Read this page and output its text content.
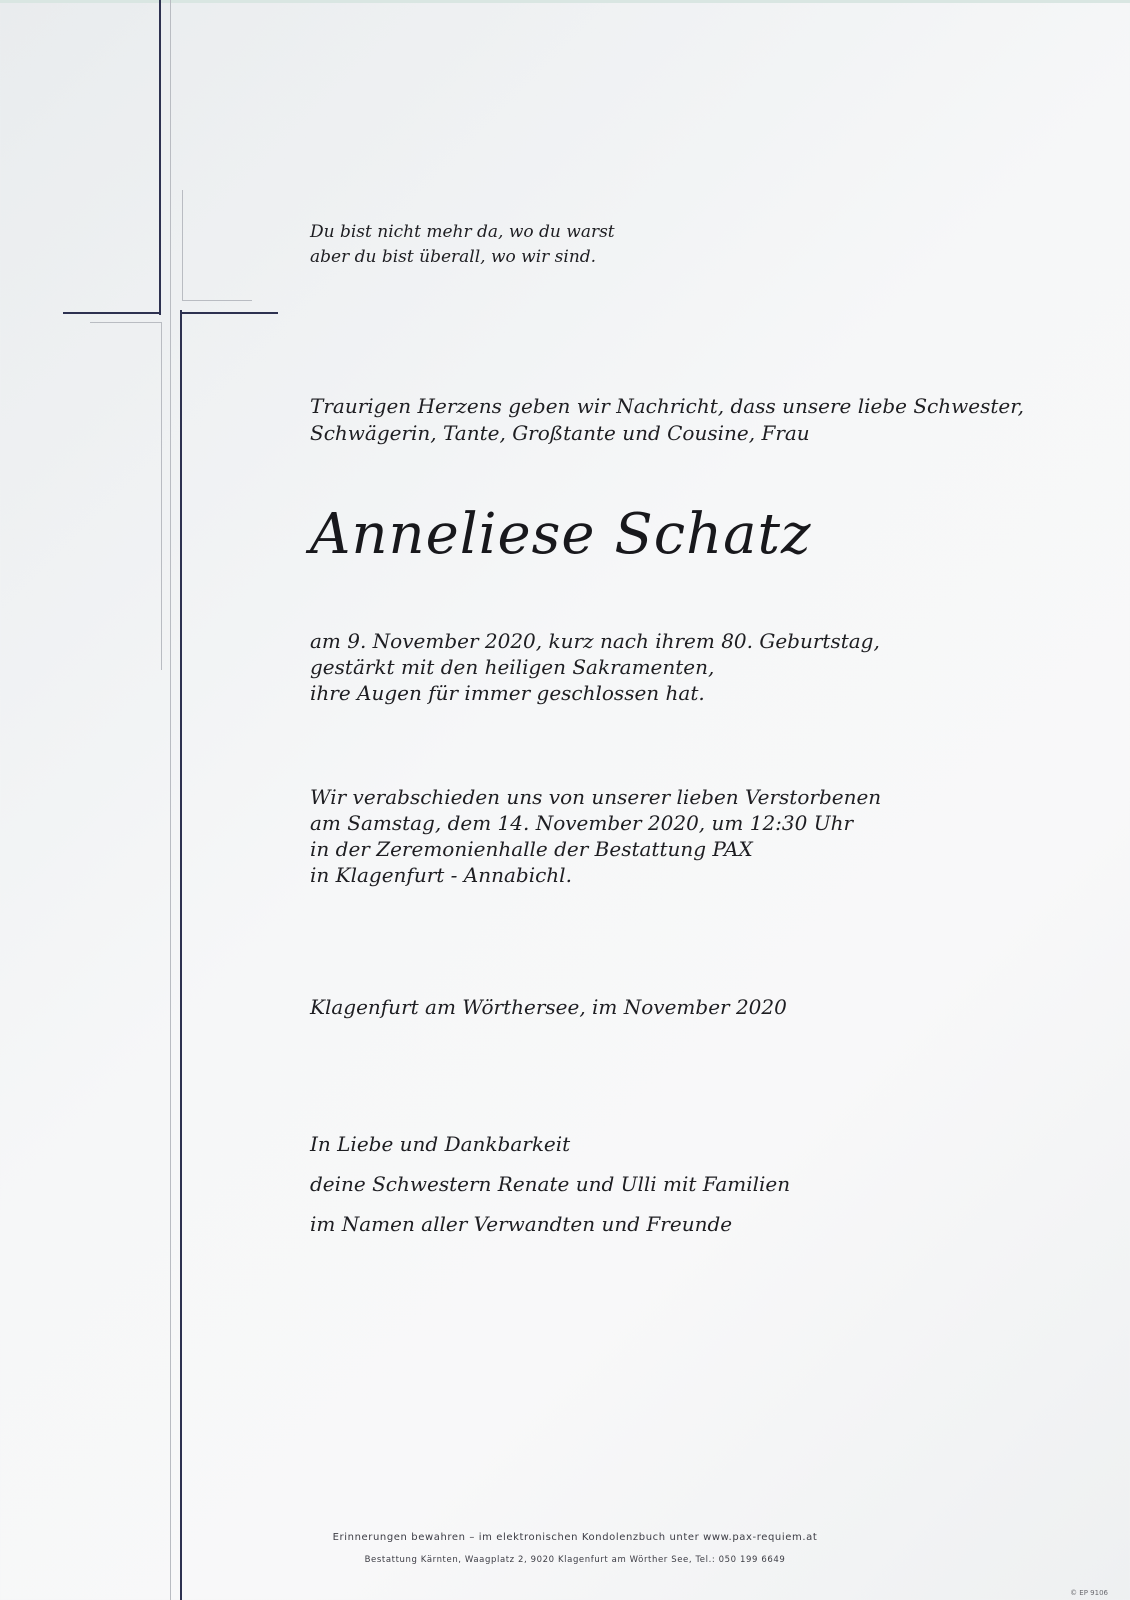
Du bist nicht mehr da, wo du warst
aber du bist überall, wo wir sind.
Traurigen Herzens geben wir Nachricht, dass unsere liebe Schwester,
Schwägerin, Tante, Großtante und Cousine, Frau
Anneliese Schatz
am 9. November 2020, kurz nach ihrem 80. Geburtstag,
gestärkt mit den heiligen Sakramenten,
ihre Augen für immer geschlossen hat.
Wir verabschieden uns von unserer lieben Verstorbenen
am Samstag, dem 14. November 2020, um 12:30 Uhr
in der Zeremonienhalle der Bestattung PAX
in Klagenfurt - Annabichl.
Klagenfurt am Wörthersee, im November 2020
In Liebe und Dankbarkeit
deine Schwestern Renate und Ulli mit Familien
im Namen aller Verwandten und Freunde
Erinnerungen bewahren – im elektronischen Kondolenzbuch unter www.pax-requiem.at
Bestattung Kärnten, Waagplatz 2, 9020 Klagenfurt am Wörther See, Tel.: 050 199 6649
© EP 9106
